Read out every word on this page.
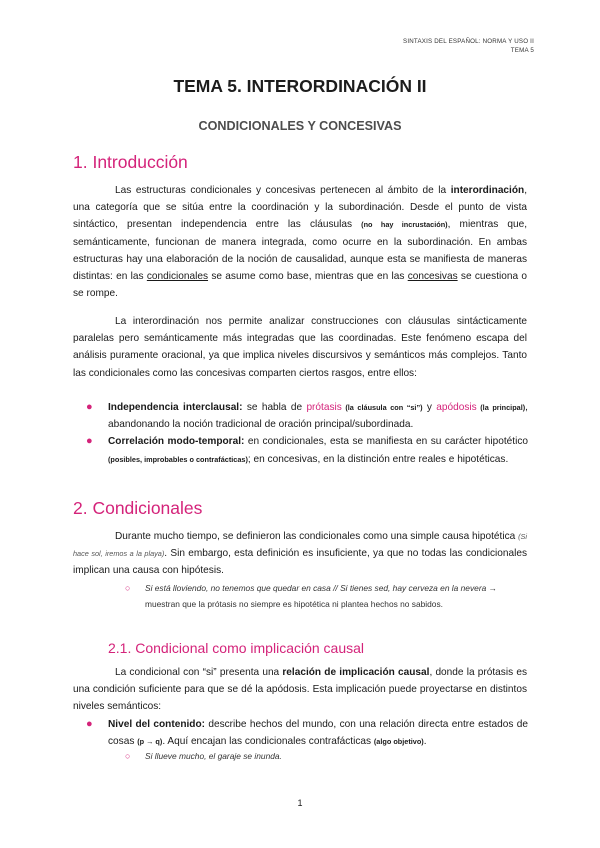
SINTAXIS DEL ESPAÑOL: NORMA Y USO II
TEMA 5
TEMA 5. INTERORDINACIÓN II
CONDICIONALES Y CONCESIVAS
1. Introducción

Las estructuras condicionales y concesivas pertenecen al ámbito de la interordinación, una categoría que se sitúa entre la coordinación y la subordinación. Desde el punto de vista sintáctico, presentan independencia entre las cláusulas (no hay incrustación), mientras que, semánticamente, funcionan de manera integrada, como ocurre en la subordinación. En ambas estructuras hay una elaboración de la noción de causalidad, aunque esta se manifiesta de maneras distintas: en las condicionales se asume como base, mientras que en las concesivas se cuestiona o se rompe.

La interordinación nos permite analizar construcciones con cláusulas sintácticamente paralelas pero semánticamente más integradas que las coordinadas. Este fenómeno escapa del análisis puramente oracional, ya que implica niveles discursivos y semánticos más complejos. Tanto las condicionales como las concesivas comparten ciertos rasgos, entre ellos:

● Independencia interclausal: se habla de prótasis (la cláusula con “si”) y apódosis (la principal), abandonando la noción tradicional de oración principal/subordinada.
● Correlación modo-temporal: en condicionales, esta se manifiesta en su carácter hipotético (posibles, improbables o contrafácticas); en concesivas, en la distinción entre reales e hipotéticas.
2. Condicionales

Durante mucho tiempo, se definieron las condicionales como una simple causa hipotética (Si hace sol, iremos a la playa). Sin embargo, esta definición es insuficiente, ya que no todas las condicionales implican una causa con hipótesis.

○ Si está lloviendo, no tenemos que quedar en casa // Si tienes sed, hay cerveza en la nevera → muestran que la prótasis no siempre es hipotética ni plantea hechos no sabidos.
2.1. Condicional como implicación causal

La condicional con “si” presenta una relación de implicación causal, donde la prótasis es una condición suficiente para que se dé la apódosis. Esta implicación puede proyectarse en distintos niveles semánticos:

● Nivel del contenido: describe hechos del mundo, con una relación directa entre estados de cosas (p → q). Aquí encajan las condicionales contrafácticas (algo objetivo).
○ Si llueve mucho, el garaje se inunda.
1
